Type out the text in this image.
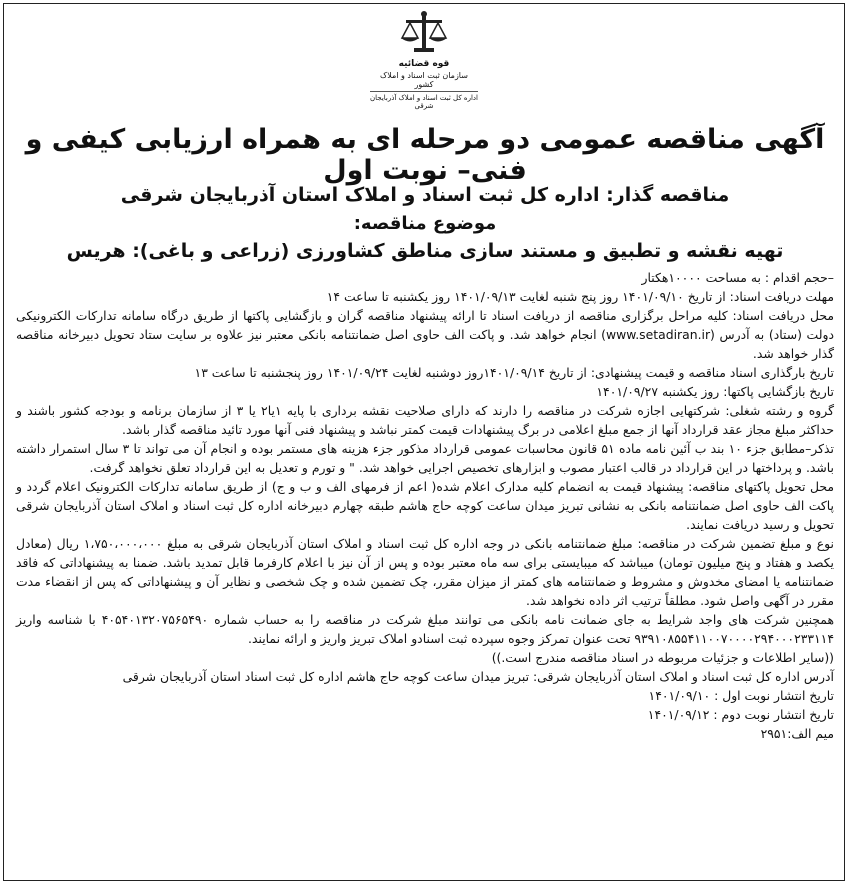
قوه قضائیه
سازمان ثبت اسناد و املاک کشور
اداره کل ثبت اسناد و املاک آذربایجان شرقی
آگهی مناقصه عمومی دو مرحله ای به همراه ارزیابی کیفی و فنی– نوبت اول
مناقصه گذار: اداره کل ثبت اسناد و املاک استان آذربایجان شرقی
موضوع مناقصه:
تهیه نقشه و تطبیق و مستند سازی مناطق کشاورزی (زراعی و باغی): هریس

–حجم اقدام : به مساحت ۱۰۰۰۰هکتار

مهلت دریافت اسناد: از تاریخ ۱۴۰۱/۰۹/۱۰ روز پنج شنبه لغایت ۱۴۰۱/۰۹/۱۳ روز یکشنبه تا ساعت ۱۴

محل دریافت اسناد: کلیه مراحل برگزاری مناقصه از دریافت اسناد تا ارائه پیشنهاد مناقصه گران و بازگشایی پاکتها از طریق درگاه سامانه تدارکات الکترونیکی دولت (ستاد) به آدرس (www.setadiran.ir) انجام خواهد شد. و پاکت الف حاوی اصل ضمانتنامه بانکی معتبر نیز علاوه بر سایت ستاد تحویل دبیرخانه مناقصه گذار خواهد شد.

تاریخ بارگذاری اسناد مناقصه و قیمت پیشنهادی: از تاریخ ۱۴۰۱/۰۹/۱۴روز دوشنبه لغایت ۱۴۰۱/۰۹/۲۴ روز پنجشنبه تا ساعت ۱۳

تاریخ بازگشایی پاکتها: روز یکشنبه ۱۴۰۱/۰۹/۲۷

گروه و رشته شغلی: شرکتهایی اجازه شرکت در مناقصه را دارند که دارای صلاحیت نقشه برداری با پایه ۱یا۲ یا ۳ از سازمان برنامه و بودجه کشور باشند و حداکثر مبلغ مجاز عقد قرارداد آنها از جمع مبلغ اعلامی در برگ پیشنهادات قیمت کمتر نباشد و پیشنهاد فنی آنها مورد تائید مناقصه گذار باشد.

تذکر–مطابق جزء ۱۰ بند ب آئین نامه ماده ۵۱ قانون محاسبات عمومی قرارداد مذکور جزء هزینه های مستمر بوده و انجام آن می تواند تا ۳ سال استمرار داشته باشد. و پرداختها در این قرارداد در قالب اعتبار مصوب و ابزارهای تخصیص اجرایی خواهد شد. " و تورم و تعدیل به این قرارداد تعلق نخواهد گرفت.

محل تحویل پاکتهای مناقصه: پیشنهاد قیمت به انضمام کلیه مدارک اعلام شده( اعم از فرمهای الف و ب و ج) از طریق سامانه تدارکات الکترونیک اعلام گردد و پاکت الف حاوی اصل ضمانتنامه بانکی به نشانی تبریز میدان ساعت کوچه حاج هاشم طبقه چهارم دبیرخانه اداره کل ثبت اسناد و املاک استان آذربایجان شرقی تحویل و رسید دریافت نمایند.

نوع و مبلغ تضمین شرکت در مناقصه: مبلغ ضمانتنامه بانکی در وجه اداره کل ثبت اسناد و املاک استان آذربایجان شرقی به مبلغ ۱،۷۵۰،۰۰۰،۰۰۰ ریال (معادل یکصد و هفتاد و پنج میلیون تومان) میباشد که میبایستی برای سه ماه معتبر بوده و پس از آن نیز با اعلام کارفرما قابل تمدید باشد. ضمنا به پیشنهاداتی که فاقد ضمانتنامه یا امضای مخدوش و مشروط و ضمانتنامه های کمتر از میزان مقرر، چک تضمین شده و چک شخصی و نظایر آن و پیشنهاداتی که پس از انقضاء مدت مقرر در آگهی واصل شود. مطلقاً ترتیب اثر داده نخواهد شد.

همچنین شرکت های واجد شرایط به جای ضمانت نامه بانکی می توانند مبلغ شرکت در مناقصه را به حساب شماره ۴۰۵۴۰۱۳۲۰۷۵۶۵۴۹۰ با شناسه واریز ۹۳۹۱۰۸۵۵۴۱۱۰۰۷۰۰۰۰۲۹۴۰۰۰۲۳۳۱۱۴ تحت عنوان تمرکز وجوه سپرده ثبت اسنادو املاک تبریز واریز و ارائه نمایند.

((سایر اطلاعات و جزئیات مربوطه در اسناد مناقصه مندرج است.))

آدرس اداره کل ثبت اسناد و املاک استان آذربایجان شرقی: تبریز میدان ساعت کوچه حاج هاشم اداره کل ثبت اسناد استان آذربایجان شرقی

تاریخ انتشار نوبت اول : ۱۴۰۱/۰۹/۱۰

تاریخ انتشار نوبت دوم : ۱۴۰۱/۰۹/۱۲

میم الف:۲۹۵۱
